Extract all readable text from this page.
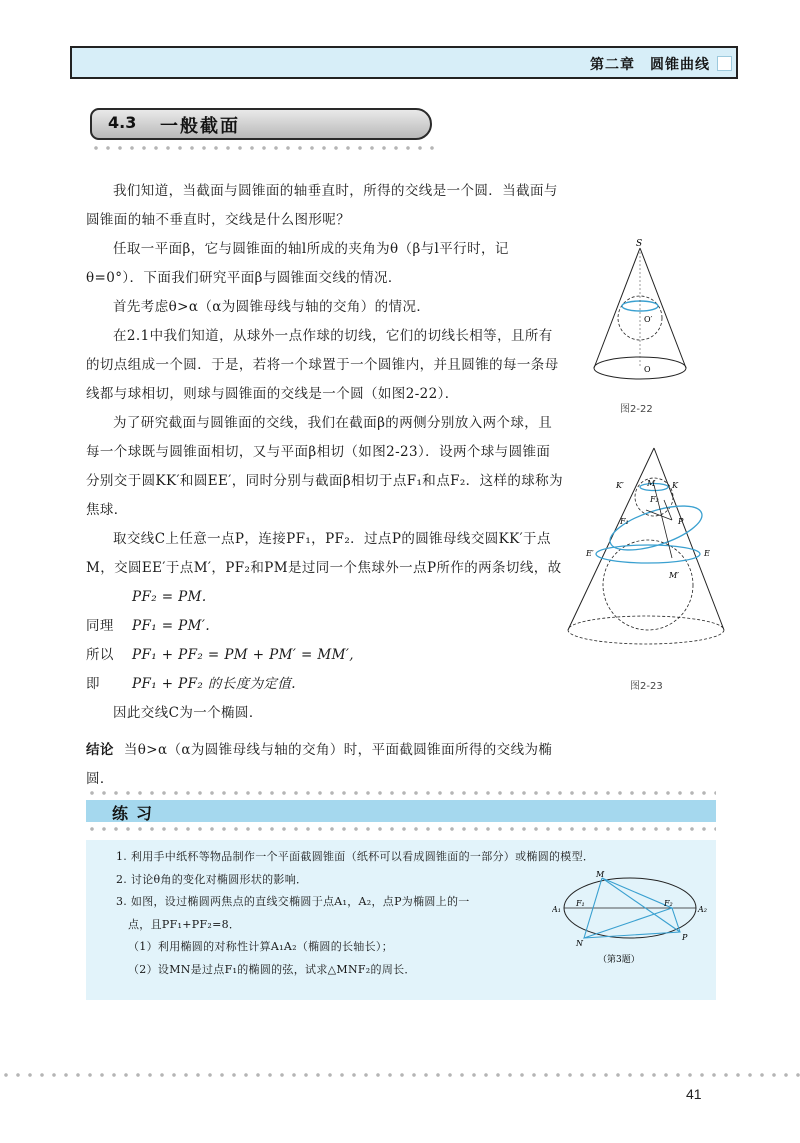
第二章　圆锥曲线
4.3 一般截面

我们知道，当截面与圆锥面的轴垂直时，所得的交线是一个圆．当截面与圆锥面的轴不垂直时，交线是什么图形呢？

任取一平面β，它与圆锥面的轴l所成的夹角为θ（β与l平行时，记θ=0°）．下面我们研究平面β与圆锥面交线的情况．

首先考虑θ>α（α为圆锥母线与轴的交角）的情况．

在2.1中我们知道，从球外一点作球的切线，它们的切线长相等，且所有的切点组成一个圆．于是，若将一个球置于一个圆锥内，并且圆锥的每一条母线都与球相切，则球与圆锥面的交线是一个圆（如图2-22）．

为了研究截面与圆锥面的交线，我们在截面β的两侧分别放入两个球，且每一个球既与圆锥面相切，又与平面β相切（如图2-23）．设两个球与圆锥面分别交于圆KK′和圆EE′，同时分别与截面β相切于点F₁和点F₂．这样的球称为焦球．

取交线C上任意一点P，连接PF₁，PF₂．过点P的圆锥母线交圆KK′于点M，交圆EE′于点M′，PF₂和PM是过同一个焦球外一点P所作的两条切线，故

PF₂ = PM.

同理 PF₁ = PM′.

所以 PF₁ + PF₂ = PM + PM′ = MM′,

即 PF₁ + PF₂ 的长度为定值.

因此交线C为一个椭圆．

结论 当θ>α（α为圆锥母线与轴的交角）时，平面截圆锥面所得的交线为椭圆．

S
O′
O
图2-22
K′	M K
F₂
F₁	P
E′	E
M′
图2-23
练习

1. 利用手中纸杯等物品制作一个平面截圆锥面（纸杯可以看成圆锥面的一部分）或椭圆的模型．

2. 讨论θ角的变化对椭圆形状的影响．

3. 如图，设过椭圆两焦点的直线交椭圆于点A₁，A₂，点P为椭圆上的一

点，且PF₁+PF₂=8．

（1）利用椭圆的对称性计算A₁A₂（椭圆的长轴长）；

（2）设MN是过点F₁的椭圆的弦，试求△MNF₂的周长．

M
A₁
F₁	F₂
A₂
N
P
（第3题）
41
